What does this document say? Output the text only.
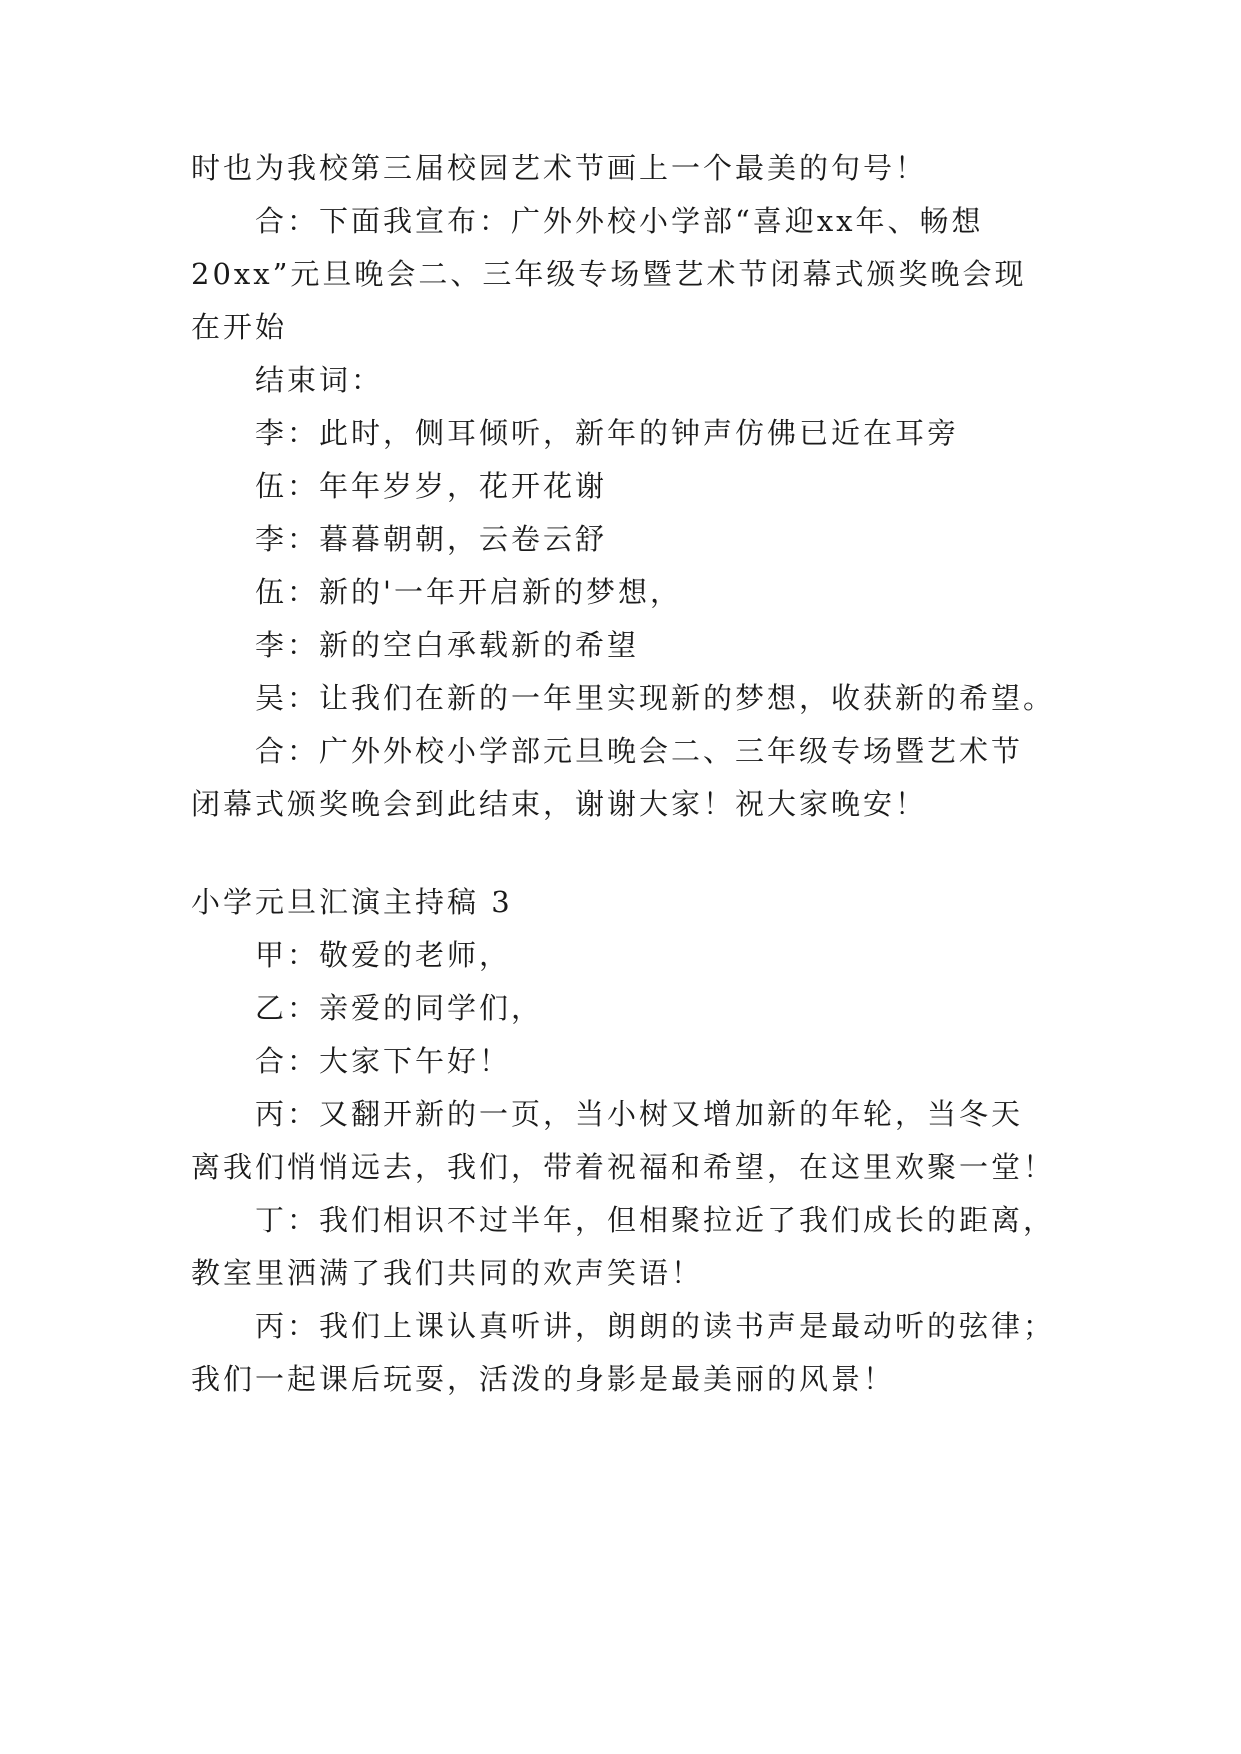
时也为我校第三届校园艺术节画上一个最美的句号！
合：下面我宣布：广外外校小学部“喜迎xx年、畅想
20xx”元旦晚会二、三年级专场暨艺术节闭幕式颁奖晚会现
在开始
结束词：
李：此时，侧耳倾听，新年的钟声仿佛已近在耳旁
伍：年年岁岁，花开花谢
李：暮暮朝朝，云卷云舒
伍：新的'一年开启新的梦想，
李：新的空白承载新的希望
吴：让我们在新的一年里实现新的梦想，收获新的希望。
合：广外外校小学部元旦晚会二、三年级专场暨艺术节
闭幕式颁奖晚会到此结束，谢谢大家！祝大家晚安！
小学元旦汇演主持稿 3
甲：敬爱的老师，
乙：亲爱的同学们，
合：大家下午好！
丙：又翻开新的一页，当小树又增加新的年轮，当冬天
离我们悄悄远去，我们，带着祝福和希望，在这里欢聚一堂！
丁：我们相识不过半年，但相聚拉近了我们成长的距离，
教室里洒满了我们共同的欢声笑语！
丙：我们上课认真听讲，朗朗的读书声是最动听的弦律；
我们一起课后玩耍，活泼的身影是最美丽的风景！
